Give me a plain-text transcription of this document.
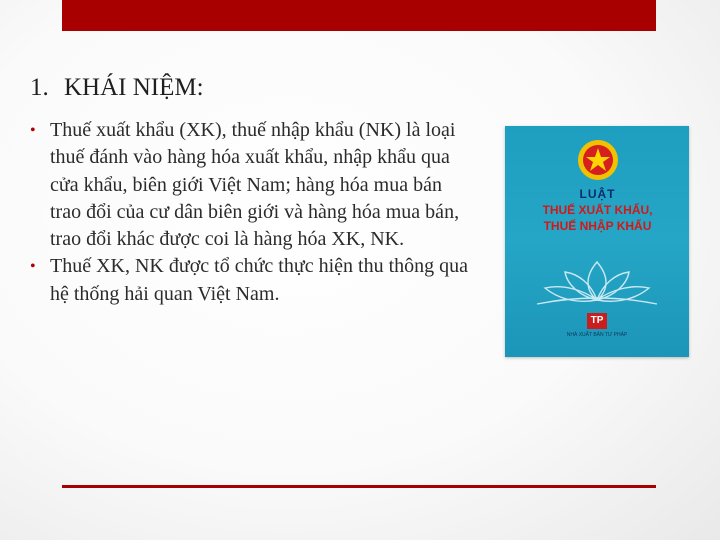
1. KHÁI NIỆM:
• Thuế xuất khẩu (XK), thuế nhập khẩu (NK) là loại thuế đánh vào hàng hóa xuất khẩu, nhập khẩu qua cửa khẩu, biên giới Việt Nam; hàng hóa mua bán trao đổi của cư dân biên giới và hàng hóa mua bán, trao đổi khác được coi là hàng hóa XK, NK.
• Thuế XK, NK được tổ chức thực hiện thu thông qua hệ thống hải quan Việt Nam.
LUẬT
THUẾ XUẤT KHẨU,
THUẾ NHẬP KHẨU
TP
NHÀ XUẤT BẢN TƯ PHÁP
